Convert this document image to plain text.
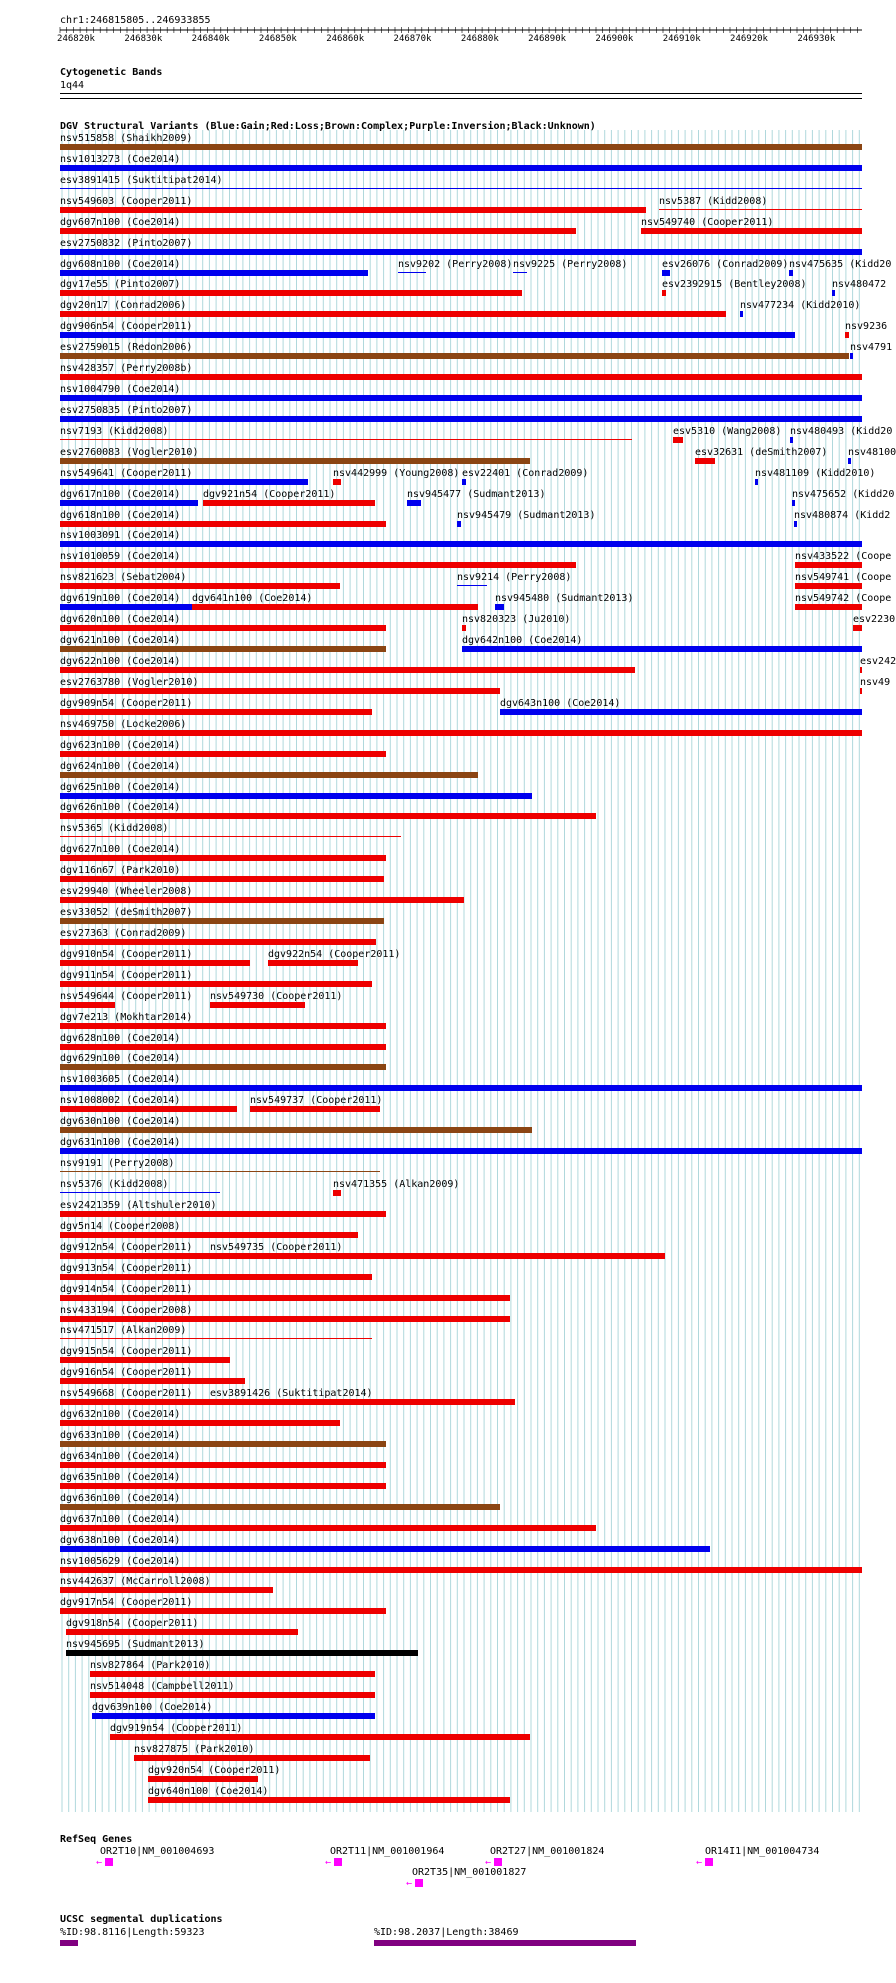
chr1:246815805..246933855
246820k	246830k	246840k	246850k	246860k	246870k	246880k	246890k	246900k	246910k	246920k	246930k
Cytogenetic Bands
1q44
DGV Structural Variants (Blue:Gain;Red:Loss;Brown:Complex;Purple:Inversion;Black:Unknown)
nsv515858 (Shaikh2009)
nsv1013273 (Coe2014)
esv3891415 (Suktitipat2014)
nsv549603 (Cooper2011)	nsv5387 (Kidd2008)
dgv607n100 (Coe2014)	nsv549740 (Cooper2011)
esv2750832 (Pinto2007)
dgv608n100 (Coe2014)	nsv9202 (Perry2008) nsv9225 (Perry2008)	esv26076 (Conrad2009) nsv475635 (Kidd20
dgv17e55 (Pinto2007)	esv2392915 (Bentley2008)	nsv480472
dgv20n17 (Conrad2006)	nsv477234 (Kidd2010)
dgv906n54 (Cooper2011)	nsv9236
esv2759015 (Redon2006)	nsv4791
nsv428357 (Perry2008b)
nsv1004790 (Coe2014)
esv2750835 (Pinto2007)
nsv7193 (Kidd2008)	esv5310 (Wang2008) nsv480493 (Kidd20
esv2760083 (Vogler2010)	esv32631 (deSmith2007) nsv48100
nsv549641 (Cooper2011)	nsv442999 (Young2008) esv22401 (Conrad2009)	nsv481109 (Kidd2010)
dgv617n100 (Coe2014) dgv921n54 (Cooper2011)	nsv945477 (Sudmant2013)	nsv475652 (Kidd20
dgv618n100 (Coe2014)	nsv945479 (Sudmant2013)	nsv480874 (Kidd2
nsv1003091 (Coe2014)
nsv1010059 (Coe2014)	nsv433522 (Coope
nsv821623 (Sebat2004)	nsv9214 (Perry2008)	nsv549741 (Coope
dgv619n100 (Coe2014) dgv641n100 (Coe2014)	nsv945480 (Sudmant2013)	nsv549742 (Coope
dgv620n100 (Coe2014)	nsv820323 (Ju2010)	esv2230
dgv621n100 (Coe2014)	dgv642n100 (Coe2014)
dgv622n100 (Coe2014)	esv242
esv2763780 (Vogler2010)	nsv49
dgv909n54 (Cooper2011)	dgv643n100 (Coe2014)
nsv469750 (Locke2006)
dgv623n100 (Coe2014)
dgv624n100 (Coe2014)
dgv625n100 (Coe2014)
dgv626n100 (Coe2014)
nsv5365 (Kidd2008)
dgv627n100 (Coe2014)
dgv116n67 (Park2010)
esv29940 (Wheeler2008)
esv33052 (deSmith2007)
esv27363 (Conrad2009)
dgv910n54 (Cooper2011)	dgv922n54 (Cooper2011)
dgv911n54 (Cooper2011)
nsv549644 (Cooper2011) nsv549730 (Cooper2011)
dgv7e213 (Mokhtar2014)
dgv628n100 (Coe2014)
dgv629n100 (Coe2014)
nsv1003605 (Coe2014)
nsv1008002 (Coe2014)	nsv549737 (Cooper2011)
dgv630n100 (Coe2014)
dgv631n100 (Coe2014)
nsv9191 (Perry2008)
nsv5376 (Kidd2008)	nsv471355 (Alkan2009)
esv2421359 (Altshuler2010)
dgv5n14 (Cooper2008)
dgv912n54 (Cooper2011) nsv549735 (Cooper2011)
dgv913n54 (Cooper2011)
dgv914n54 (Cooper2011)
nsv433194 (Cooper2008)
nsv471517 (Alkan2009)
dgv915n54 (Cooper2011)
dgv916n54 (Cooper2011)
nsv549668 (Cooper2011) esv3891426 (Suktitipat2014)
dgv632n100 (Coe2014)
dgv633n100 (Coe2014)
dgv634n100 (Coe2014)
dgv635n100 (Coe2014)
dgv636n100 (Coe2014)
dgv637n100 (Coe2014)
dgv638n100 (Coe2014)
nsv1005629 (Coe2014)
nsv442637 (McCarroll2008)
dgv917n54 (Cooper2011)
dgv918n54 (Cooper2011)
nsv945695 (Sudmant2013)
nsv827864 (Park2010)
nsv514048 (Campbell2011)
dgv639n100 (Coe2014)
dgv919n54 (Cooper2011)
nsv827875 (Park2010)
dgv920n54 (Cooper2011)
dgv640n100 (Coe2014)
RefSeq Genes
OR2T10|NM_001004693
←
OR2T11|NM_001001964
←
OR2T27|NM_001001824
←
OR14I1|NM_001004734
←
OR2T35|NM_001001827
←
UCSC segmental duplications
%ID:98.8116|Length:59323	%ID:98.2037|Length:38469
